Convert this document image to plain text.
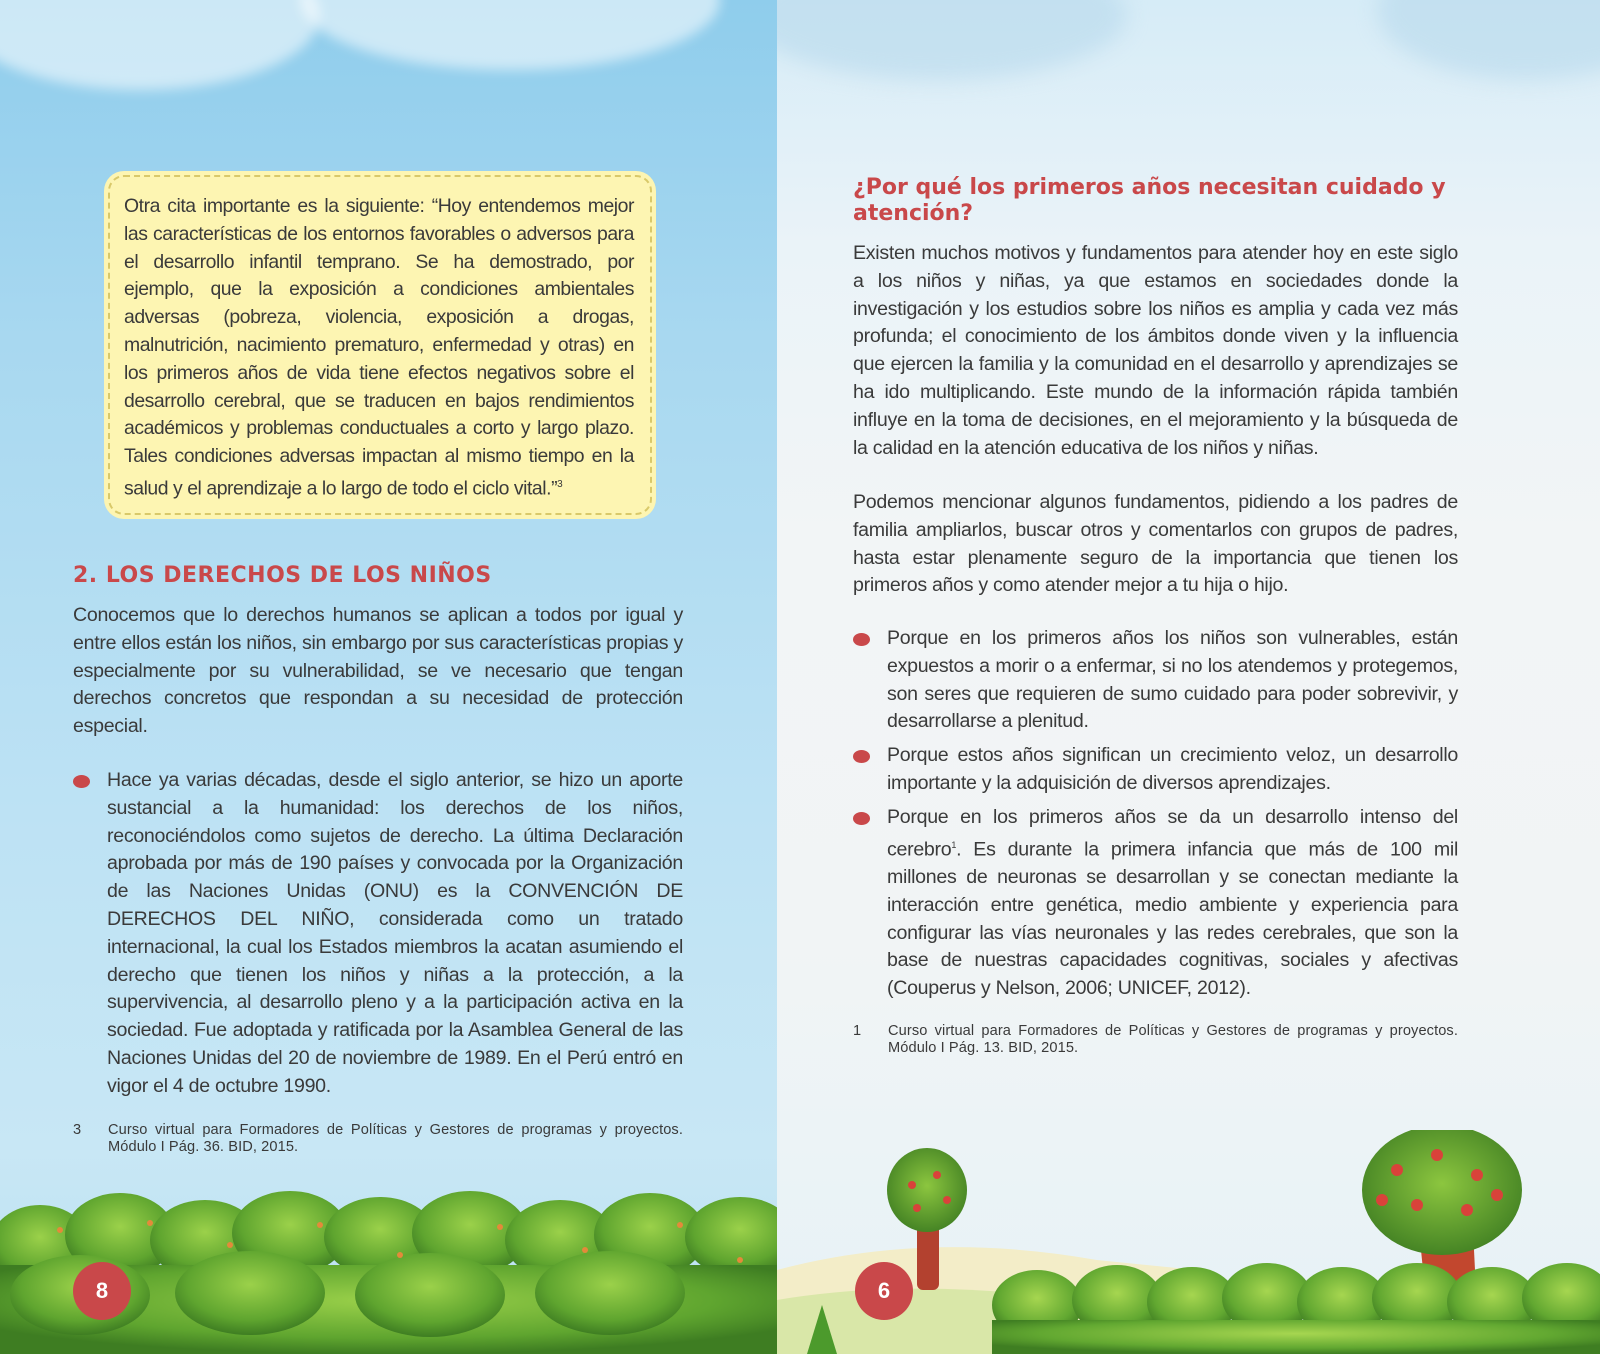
Otra cita importante es la siguiente: “Hoy entendemos mejor las características de los entornos favorables o adversos para el desarrollo infantil temprano. Se ha demostrado, por ejemplo, que la exposición a condiciones ambientales adversas (pobreza, violencia, exposición a drogas, malnutrición, nacimiento prematuro, enfermedad y otras) en los primeros años de vida tiene efectos negativos sobre el desarrollo cerebral, que se traducen en bajos rendimientos académicos y problemas conductuales a corto y largo plazo. Tales condiciones adversas impactan al mismo tiempo en la salud y el aprendizaje a lo largo de todo el ciclo vital.”$^3$

2. LOS DERECHOS DE LOS NIÑOS

Conocemos que lo derechos humanos se aplican a todos por igual y entre ellos están los niños, sin embargo por sus características propias y especialmente por su vulnerabilidad, se ve necesario que tengan derechos concretos que respondan a su necesidad de protección especial.

Hace ya varias décadas, desde el siglo anterior, se hizo un aporte sustancial a la humanidad: los derechos de los niños, reconociéndolos como sujetos de derecho. La última Declaración aprobada por más de 190 países y convocada por la Organización de las Naciones Unidas (ONU) es la CONVENCIÓN DE DERECHOS DEL NIÑO, considerada como un tratado internacional, la cual los Estados miembros la acatan asumiendo el derecho que tienen los niños y niñas a la protección, a la supervivencia, al desarrollo pleno y a la participación activa en la sociedad. Fue adoptada y ratificada por la Asamblea General de las Naciones Unidas del 20 de noviembre de 1989. En el Perú entró en vigor el 4 de octubre 1990.
3	Curso virtual para Formadores de Políticas y Gestores de programas y proyectos. Módulo I Pág. 36. BID, 2015.
8
¿Por qué los primeros años necesitan cuidado y atención?

Existen muchos motivos y fundamentos para atender hoy en este siglo a los niños y niñas, ya que estamos en sociedades donde la investigación y los estudios sobre los niños es amplia y cada vez más profunda; el conocimiento de los ámbitos donde viven y la influencia que ejercen la familia y la comunidad en el desarrollo y aprendizajes se ha ido multiplicando. Este mundo de la información rápida también influye en la toma de decisiones, en el mejoramiento y la búsqueda de la calidad en la atención educativa de los niños y niñas.

Podemos mencionar algunos fundamentos, pidiendo a los padres de familia ampliarlos, buscar otros y comentarlos con grupos de padres, hasta estar plenamente seguro de la importancia que tienen los primeros años y como atender mejor a tu hija o hijo.

Porque en los primeros años los niños son vulnerables, están expuestos a morir o a enfermar, si no los atendemos y protegemos, son seres que requieren de sumo cuidado para poder sobrevivir, y desarrollarse a plenitud.
Porque estos años significan un crecimiento veloz, un desarrollo importante y la adquisición de diversos aprendizajes.
Porque en los primeros años se da un desarrollo intenso del cerebro$^1$. Es durante la primera infancia que más de 100 mil millones de neuronas se desarrollan y se conectan mediante la interacción entre genética, medio ambiente y experiencia para configurar las vías neuronales y las redes cerebrales, que son la base de nuestras capacidades cognitivas, sociales y afectivas (Couperus y Nelson, 2006; UNICEF, 2012).
1	Curso virtual para Formadores de Políticas y Gestores de programas y proyectos. Módulo I Pág. 13. BID, 2015.
6
